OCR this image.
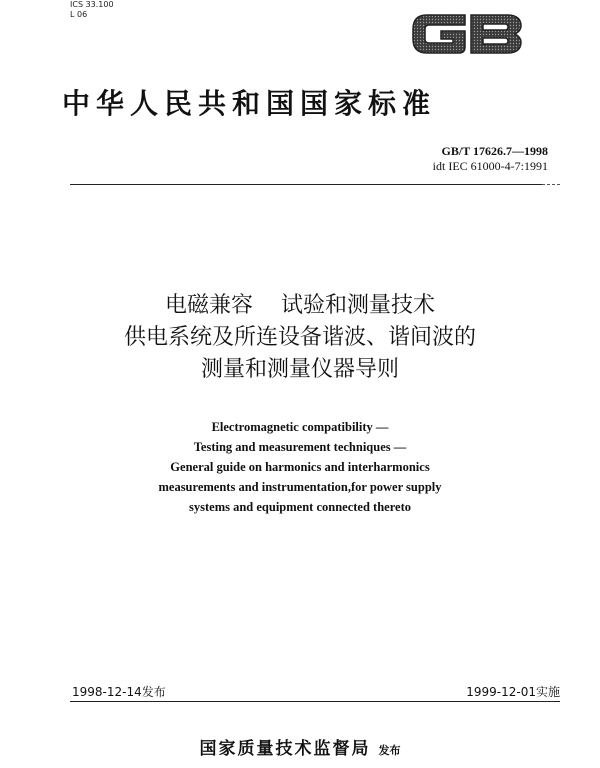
ICS 33.100
L 06
中华人民共和国国家标准
GB/T 17626.7—1998
idt IEC 61000-4-7:1991
电磁兼容    试验和测量技术
供电系统及所连设备谐波、谐间波的
测量和测量仪器导则
Electromagnetic compatibility —
Testing and measurement techniques —
General guide on harmonics and interharmonics
measurements and instrumentation,for power supply
systems and equipment connected thereto
1998-12-14发布	1999-12-01实施
国家质量技术监督局 发布
